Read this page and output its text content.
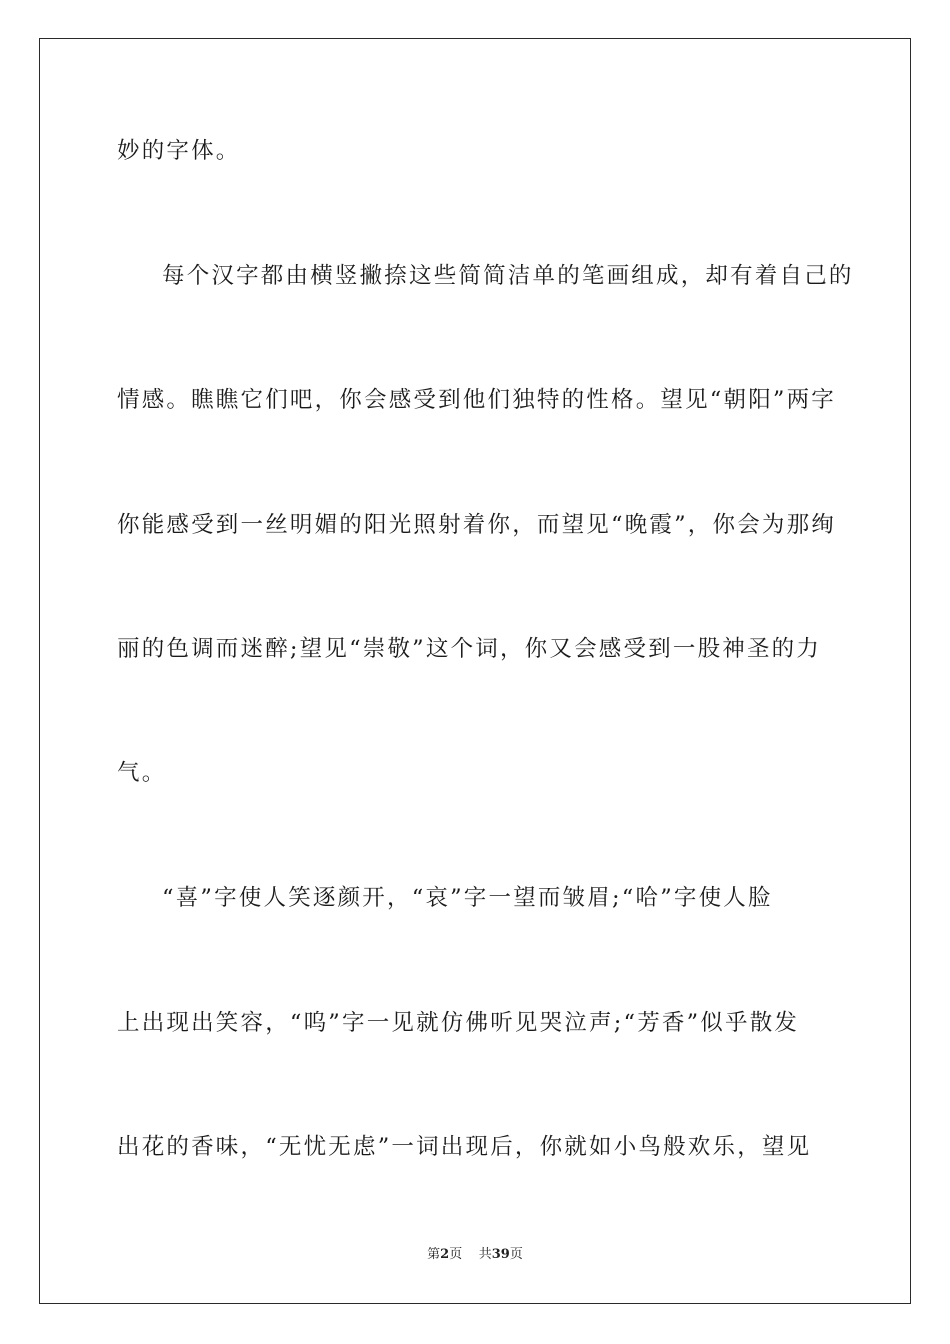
妙的字体。
每个汉字都由横竖撇捺这些简简洁单的笔画组成，却有着自己的
情感。瞧瞧它们吧，你会感受到他们独特的性格。望见“朝阳”两字
你能感受到一丝明媚的阳光照射着你，而望见“晚霞”，你会为那绚
丽的色调而迷醉;望见“崇敬”这个词，你又会感受到一股神圣的力
气。
“喜”字使人笑逐颜开，“哀”字一望而皱眉;“哈”字使人脸
上出现出笑容，“呜”字一见就仿佛听见哭泣声;“芳香”似乎散发
出花的香味，“无忧无虑”一词出现后，你就如小鸟般欢乐，望见
第2页 共39页
